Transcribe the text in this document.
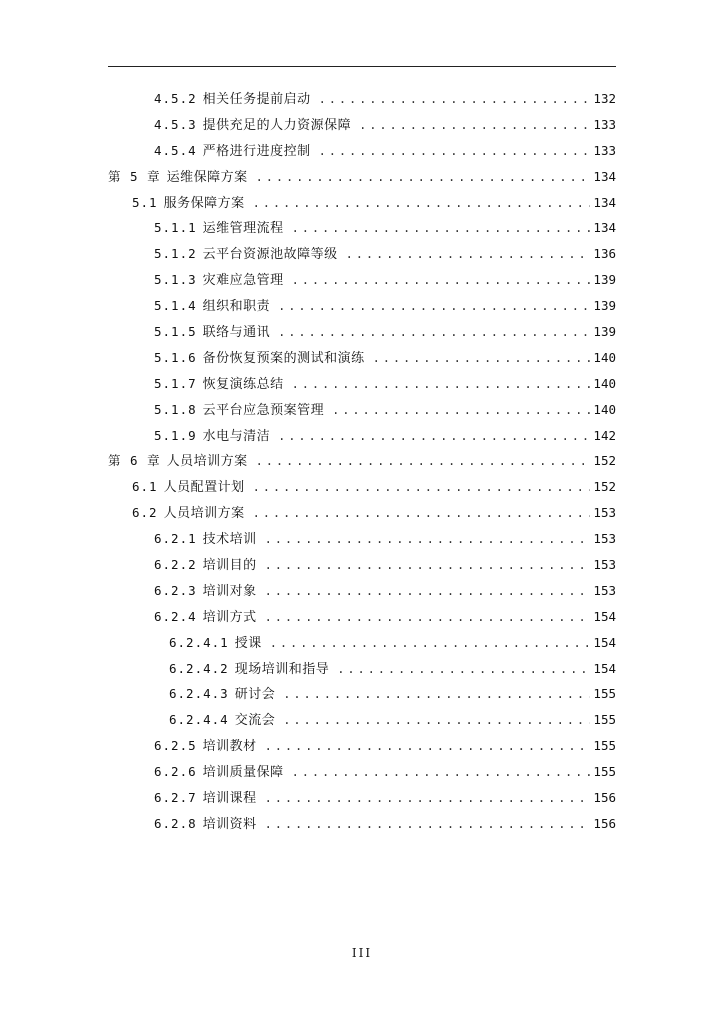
4.5.2 相关任务提前启动 .....	132
4.5.3 提供充足的人力资源保障 .....	133
4.5.4 严格进行进度控制 .....	133
第 5 章 运维保障方案 .....	134
5.1 服务保障方案 .....	134
5.1.1 运维管理流程 .....	134
5.1.2 云平台资源池故障等级 .....	136
5.1.3 灾难应急管理 .....	139
5.1.4 组织和职责 .....	139
5.1.5 联络与通讯 .....	139
5.1.6 备份恢复预案的测试和演练 .....	140
5.1.7 恢复演练总结 .....	140
5.1.8 云平台应急预案管理 .....	140
5.1.9 水电与清洁 .....	142
第 6 章 人员培训方案 .....	152
6.1 人员配置计划 .....	152
6.2 人员培训方案 .....	153
6.2.1 技术培训 .....	153
6.2.2 培训目的 .....	153
6.2.3 培训对象 .....	153
6.2.4 培训方式 .....	154
6.2.4.1 授课 .....	154
6.2.4.2 现场培训和指导 .....	154
6.2.4.3 研讨会 .....	155
6.2.4.4 交流会 .....	155
6.2.5 培训教材 .....	155
6.2.6 培训质量保障 .....	155
6.2.7 培训课程 .....	156
6.2.8 培训资料 .....	156
III
